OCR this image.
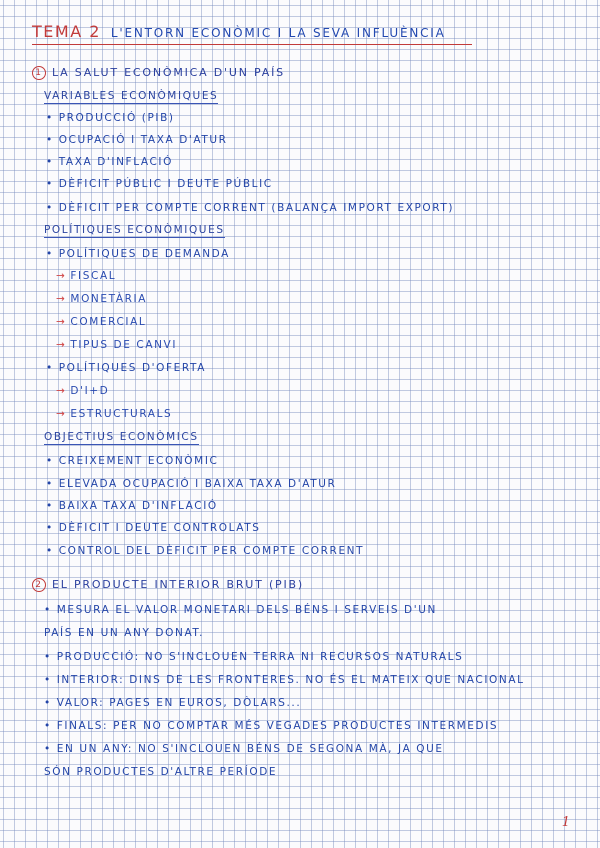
TEMA 2 L'ENTORN ECONÒMIC I LA SEVA INFLUÈNCIA
1 LA SALUT ECONÒMICA D'UN PAÍS
VARIABLES ECONÒMIQUES
• PRODUCCIÓ (PIB)
• OCUPACIÓ I TAXA D'ATUR
• TAXA D'INFLACIÓ
• DÈFICIT PÚBLIC I DEUTE PÚBLIC
• DÈFICIT PER COMPTE CORRENT (BALANÇA IMPORT EXPORT)
POLÍTIQUES ECONÒMIQUES
• POLÍTIQUES DE DEMANDA
→ FISCAL
→ MONETÀRIA
→ COMERCIAL
→ TIPUS DE CANVI
• POLÍTIQUES D'OFERTA
→ D'I+D
→ ESTRUCTURALS
OBJECTIUS ECONÒMICS
• CREIXEMENT ECONÒMIC
• ELEVADA OCUPACIÓ I BAIXA TAXA D'ATUR
• BAIXA TAXA D'INFLACIÓ
• DÈFICIT I DEUTE CONTROLATS
• CONTROL DEL DÈFICIT PER COMPTE CORRENT
2 EL PRODUCTE INTERIOR BRUT (PIB)
• MESURA EL VALOR MONETARI DELS BÉNS I SERVEIS D'UN
PAÍS EN UN ANY DONAT.
• PRODUCCIÓ: NO S'INCLOUEN TERRA NI RECURSOS NATURALS
• INTERIOR: DINS DE LES FRONTERES. NO ÉS EL MATEIX QUE NACIONAL
• VALOR: PAGES EN EUROS, DÒLARS...
• FINALS: PER NO COMPTAR MÉS VEGADES PRODUCTES INTERMEDIS
• EN UN ANY: NO S'INCLOUEN BÉNS DE SEGONA MÀ, JA QUE
SÓN PRODUCTES D'ALTRE PERÍODE
1
